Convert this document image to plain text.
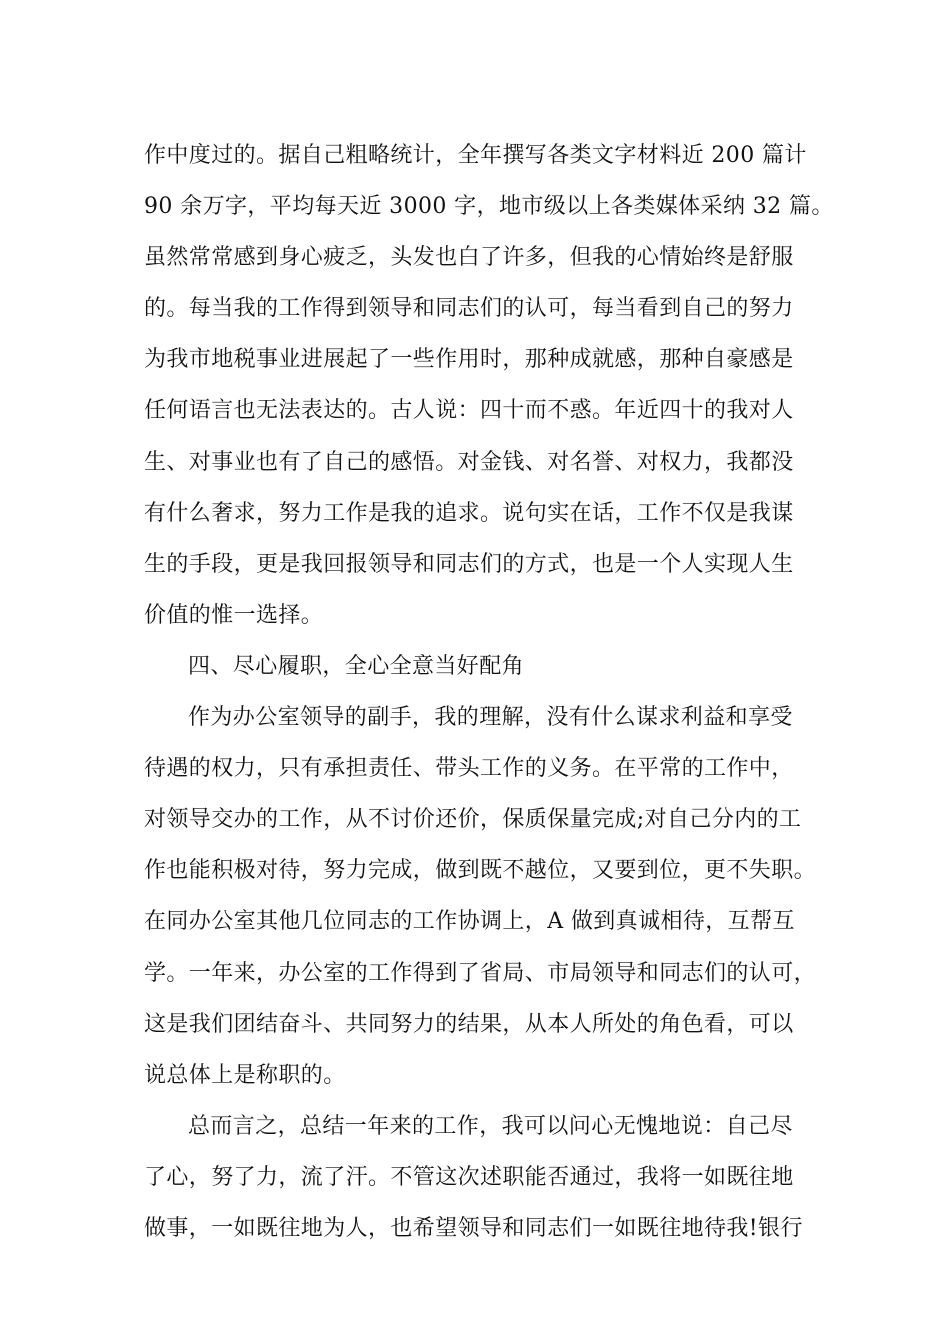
作中度过的。据自己粗略统计，全年撰写各类文字材料近 200 篇计
90 余万字，平均每天近 3000 字，地市级以上各类媒体采纳 32 篇。
虽然常常感到身心疲乏，头发也白了许多，但我的心情始终是舒服
的。每当我的工作得到领导和同志们的认可，每当看到自己的努力
为我市地税事业进展起了一些作用时，那种成就感，那种自豪感是
任何语言也无法表达的。古人说：四十而不惑。年近四十的我对人
生、对事业也有了自己的感悟。对金钱、对名誉、对权力，我都没
有什么奢求，努力工作是我的追求。说句实在话，工作不仅是我谋
生的手段，更是我回报领导和同志们的方式，也是一个人实现人生
价值的惟一选择。
四、尽心履职，全心全意当好配角
作为办公室领导的副手，我的理解，没有什么谋求利益和享受
待遇的权力，只有承担责任、带头工作的义务。在平常的工作中，
对领导交办的工作，从不讨价还价，保质保量完成;对自己分内的工
作也能积极对待，努力完成，做到既不越位，又要到位，更不失职。
在同办公室其他几位同志的工作协调上，A 做到真诚相待，互帮互
学。一年来，办公室的工作得到了省局、市局领导和同志们的认可，
这是我们团结奋斗、共同努力的结果，从本人所处的角色看，可以
说总体上是称职的。
总而言之，总结一年来的工作，我可以问心无愧地说：自己尽
了心，努了力，流了汗。不管这次述职能否通过，我将一如既往地
做事，一如既往地为人，也希望领导和同志们一如既往地待我!银行
